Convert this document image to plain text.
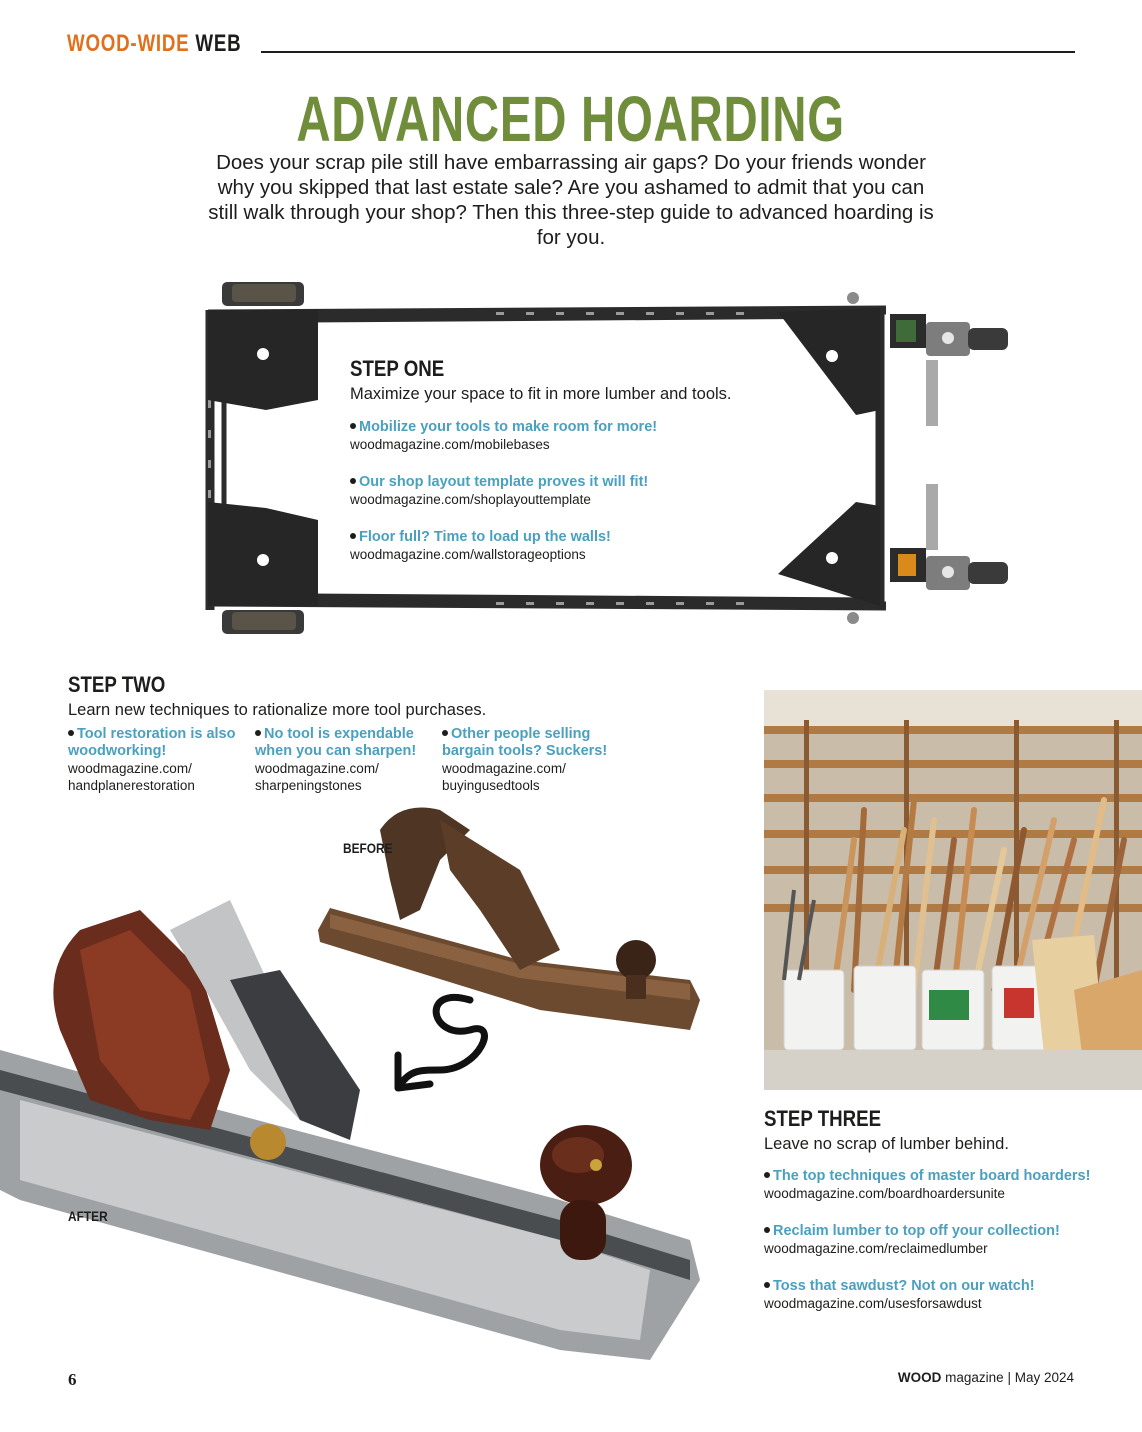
WOOD-WIDE WEB
ADVANCED HOARDING

Does your scrap pile still have embarrassing air gaps? Do your friends wonder why you skipped that last estate sale? Are you ashamed to admit that you can still walk through your shop? Then this three-step guide to advanced hoarding is for you.

STEP ONE
Maximize your space to fit in more lumber and tools.
Mobilize your tools to make room for more!
woodmagazine.com/mobilebases
Our shop layout template proves it will fit!
woodmagazine.com/shoplayouttemplate
Floor full? Time to load up the walls!
woodmagazine.com/wallstorageoptions
STEP TWO
Learn new techniques to rationalize more tool purchases.
Tool restoration is also woodworking!
woodmagazine.com/
handplanerestoration
No tool is expendable when you can sharpen!
woodmagazine.com/
sharpeningstones
Other people selling bargain tools? Suckers!
woodmagazine.com/
buyingusedtools
BEFORE
AFTER
STEP THREE
Leave no scrap of lumber behind.
The top techniques of master board hoarders!
woodmagazine.com/boardhoardersunite
Reclaim lumber to top off your collection!
woodmagazine.com/reclaimedlumber
Toss that sawdust? Not on our watch!
woodmagazine.com/usesforsawdust
6	WOOD magazine | May 2024
